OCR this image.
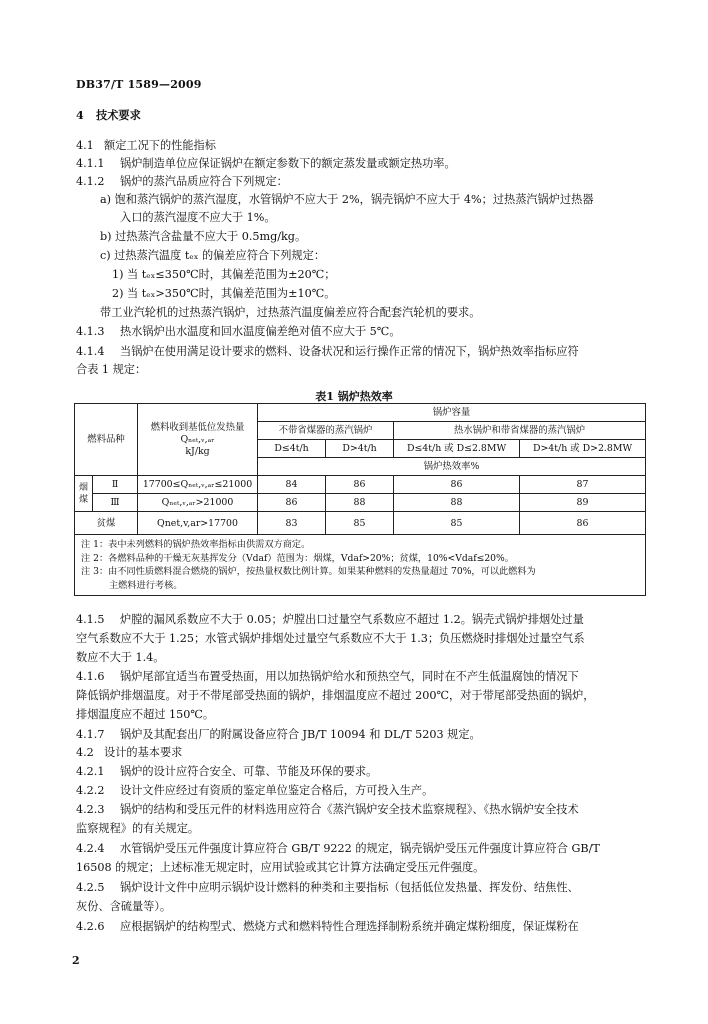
DB37/T 1589—2009
4 技术要求
4.1 额定工况下的性能指标
4.1.1 锅炉制造单位应保证锅炉在额定参数下的额定蒸发量或额定热功率。
4.1.2 锅炉的蒸汽品质应符合下列规定：
a) 饱和蒸汽锅炉的蒸汽湿度，水管锅炉不应大于 2%，锅壳锅炉不应大于 4%；过热蒸汽锅炉过热器
入口的蒸汽湿度不应大于 1%。
b) 过热蒸汽含盐量不应大于 0.5mg/kg。
c) 过热蒸汽温度 tₑₓ 的偏差应符合下列规定：
1) 当 tₑₓ≤350℃时，其偏差范围为±20℃；
2) 当 tₑₓ>350℃时，其偏差范围为±10℃。
带工业汽轮机的过热蒸汽锅炉，过热蒸汽温度偏差应符合配套汽轮机的要求。
4.1.3 热水锅炉出水温度和回水温度偏差绝对值不应大于 5℃。
4.1.4 当锅炉在使用满足设计要求的燃料、设备状况和运行操作正常的情况下，锅炉热效率指标应符
合表 1 规定：
表1 锅炉热效率
燃料品种		燃料收到基低位发热量
Qₙₑₜ,ᵥ,ₐᵣ
kJ/kg	锅炉容量			
			不带省煤器的蒸汽锅炉		热水锅炉和带省煤器的蒸汽锅炉	
			D≤4t/h	D>4t/h	D≤4t/h 或 D≤2.8MW	D>4t/h 或 D>2.8MW
			锅炉热效率%			
烟煤	Ⅱ	17700≤Qₙₑₜ,ᵥ,ₐᵣ≤21000	84	86	86	87
	Ⅲ	Qₙₑₜ,ᵥ,ₐᵣ>21000	86	88	88	89
贫煤		Qnet,v,ar>17700	83	85	85	86

注 1：表中未列燃料的锅炉热效率指标由供需双方商定。
注 2：各燃料品种的干燥无灰基挥发分（Vdaf）范围为：烟煤，Vdaf>20%；贫煤，10%<Vdaf≤20%。
注 3：由不同性质燃料混合燃烧的锅炉，按热量权数比例计算。如果某种燃料的发热量超过 70%，可以此燃料为
主燃料进行考核。						
4.1.5 炉膛的漏风系数应不大于 0.05；炉膛出口过量空气系数应不超过 1.2。锅壳式锅炉排烟处过量
空气系数应不大于 1.25；水管式锅炉排烟处过量空气系数应不大于 1.3；负压燃烧时排烟处过量空气系
数应不大于 1.4。
4.1.6 锅炉尾部宜适当布置受热面，用以加热锅炉给水和预热空气，同时在不产生低温腐蚀的情况下
降低锅炉排烟温度。对于不带尾部受热面的锅炉，排烟温度应不超过 200℃，对于带尾部受热面的锅炉，
排烟温度应不超过 150℃。
4.1.7 锅炉及其配套出厂的附属设备应符合 JB/T 10094 和 DL/T 5203 规定。
4.2 设计的基本要求
4.2.1 锅炉的设计应符合安全、可靠、节能及环保的要求。
4.2.2 设计文件应经过有资质的鉴定单位鉴定合格后，方可投入生产。
4.2.3 锅炉的结构和受压元件的材料选用应符合《蒸汽锅炉安全技术监察规程》、《热水锅炉安全技术
监察规程》的有关规定。
4.2.4 水管锅炉受压元件强度计算应符合 GB/T 9222 的规定，锅壳锅炉受压元件强度计算应符合 GB/T
16508 的规定；上述标准无规定时，应用试验或其它计算方法确定受压元件强度。
4.2.5 锅炉设计文件中应明示锅炉设计燃料的种类和主要指标（包括低位发热量、挥发份、结焦性、
灰份、含硫量等）。
4.2.6 应根据锅炉的结构型式、燃烧方式和燃料特性合理选择制粉系统并确定煤粉细度，保证煤粉在
2
